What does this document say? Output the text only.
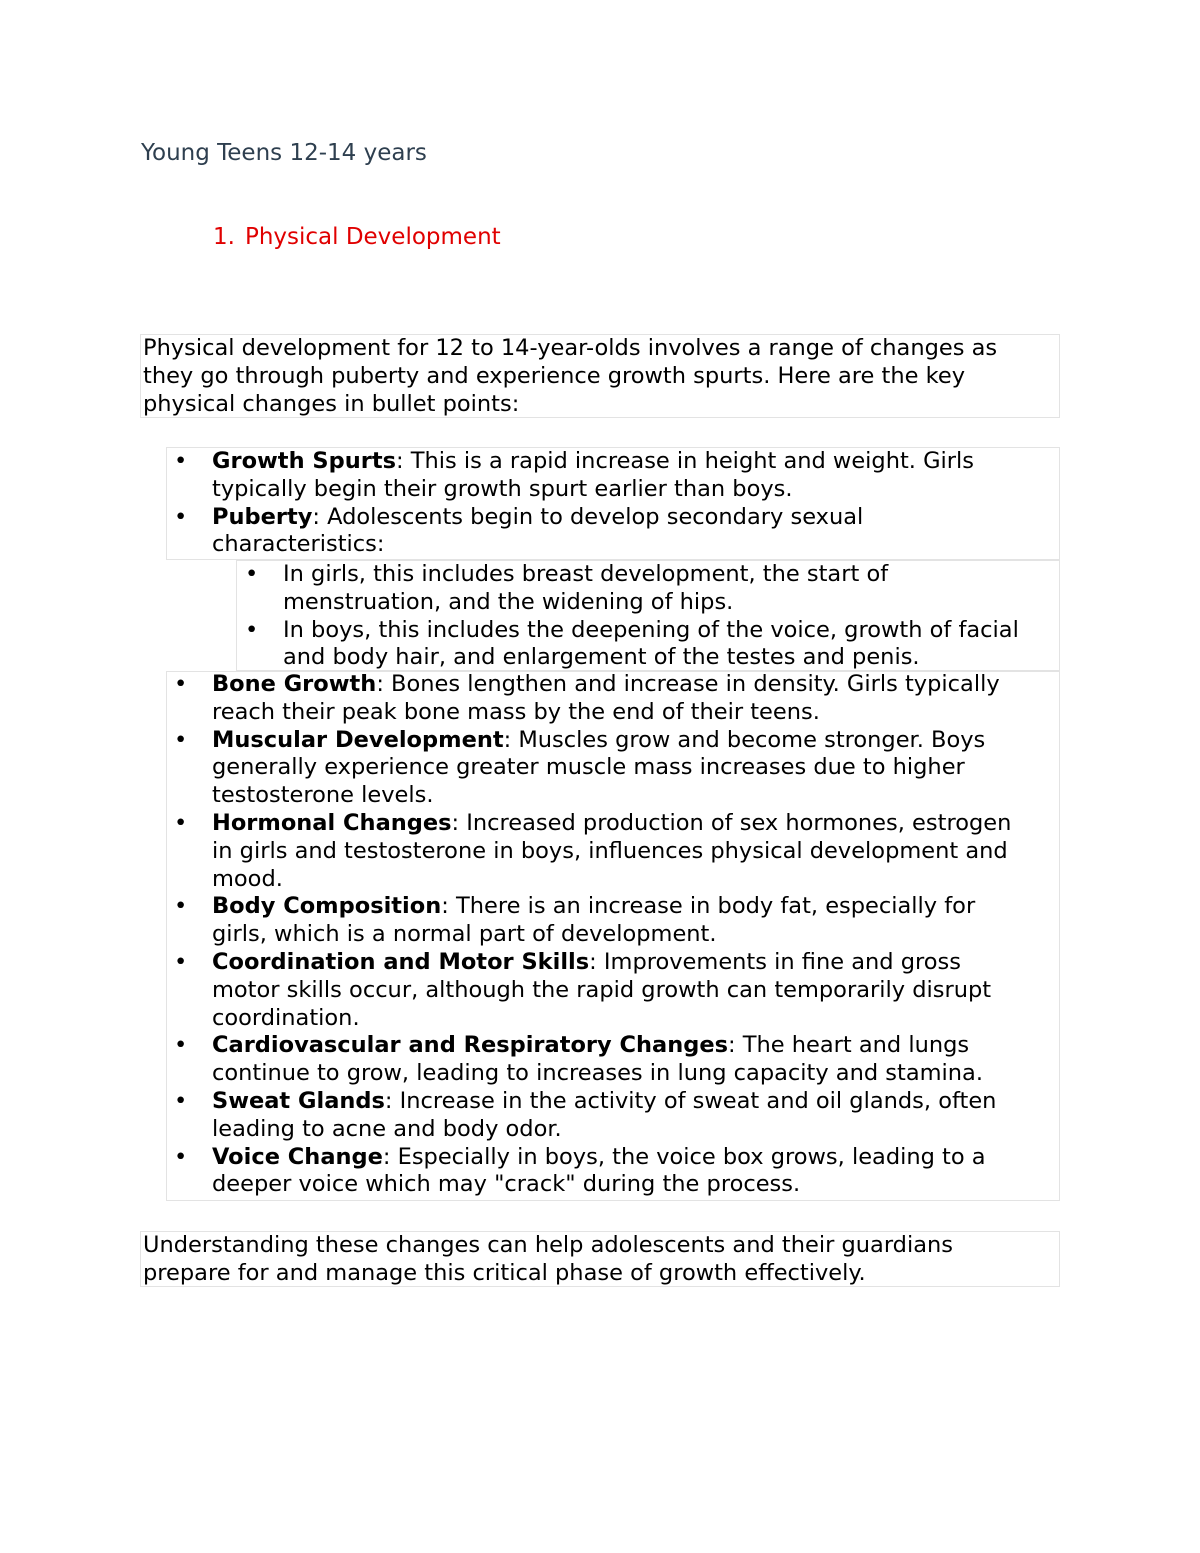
Young Teens 12-14 years
1. Physical Development
Physical development for 12 to 14-year-olds involves a range of changes as
they go through puberty and experience growth spurts. Here are the key
physical changes in bullet points:
• Growth Spurts: This is a rapid increase in height and weight. Girls
typically begin their growth spurt earlier than boys.
• Puberty: Adolescents begin to develop secondary sexual
characteristics:
• In girls, this includes breast development, the start of
menstruation, and the widening of hips.
• In boys, this includes the deepening of the voice, growth of facial
and body hair, and enlargement of the testes and penis.
• Bone Growth: Bones lengthen and increase in density. Girls typically
reach their peak bone mass by the end of their teens.
• Muscular Development: Muscles grow and become stronger. Boys
generally experience greater muscle mass increases due to higher
testosterone levels.
• Hormonal Changes: Increased production of sex hormones, estrogen
in girls and testosterone in boys, influences physical development and
mood.
• Body Composition: There is an increase in body fat, especially for
girls, which is a normal part of development.
• Coordination and Motor Skills: Improvements in fine and gross
motor skills occur, although the rapid growth can temporarily disrupt
coordination.
• Cardiovascular and Respiratory Changes: The heart and lungs
continue to grow, leading to increases in lung capacity and stamina.
• Sweat Glands: Increase in the activity of sweat and oil glands, often
leading to acne and body odor.
• Voice Change: Especially in boys, the voice box grows, leading to a
deeper voice which may "crack" during the process.
Understanding these changes can help adolescents and their guardians
prepare for and manage this critical phase of growth effectively.
